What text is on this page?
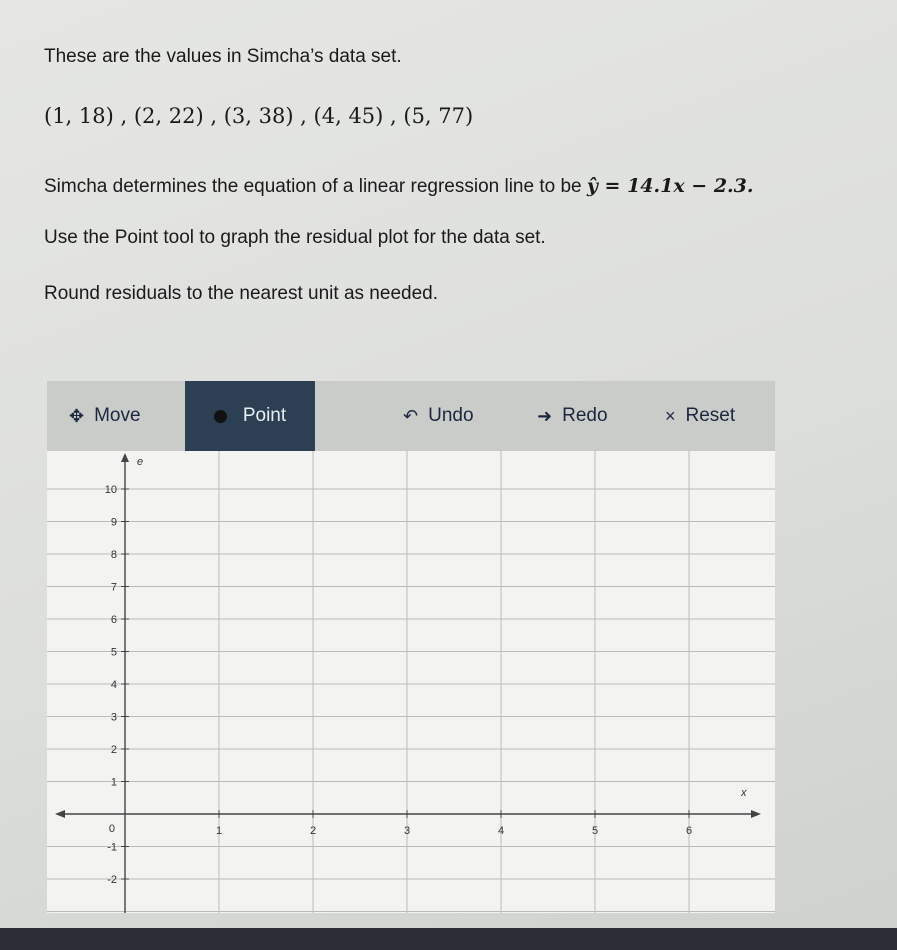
These are the values in Simcha’s data set.
(1, 18) , (2, 22) , (3, 38) , (4, 45) , (5, 77)
Simcha determines the equation of a linear regression line to be ŷ = 14.1x − 2.3.
Use the Point tool to graph the residual plot for the data set.
Round residuals to the nearest unit as needed.
✥ Move	Point	↶ Undo	➜ Redo	× Reset
x
e
1	2	3	4	5	6
0
10
9
8
7
6
5
4
3
2
1
-1
-2
